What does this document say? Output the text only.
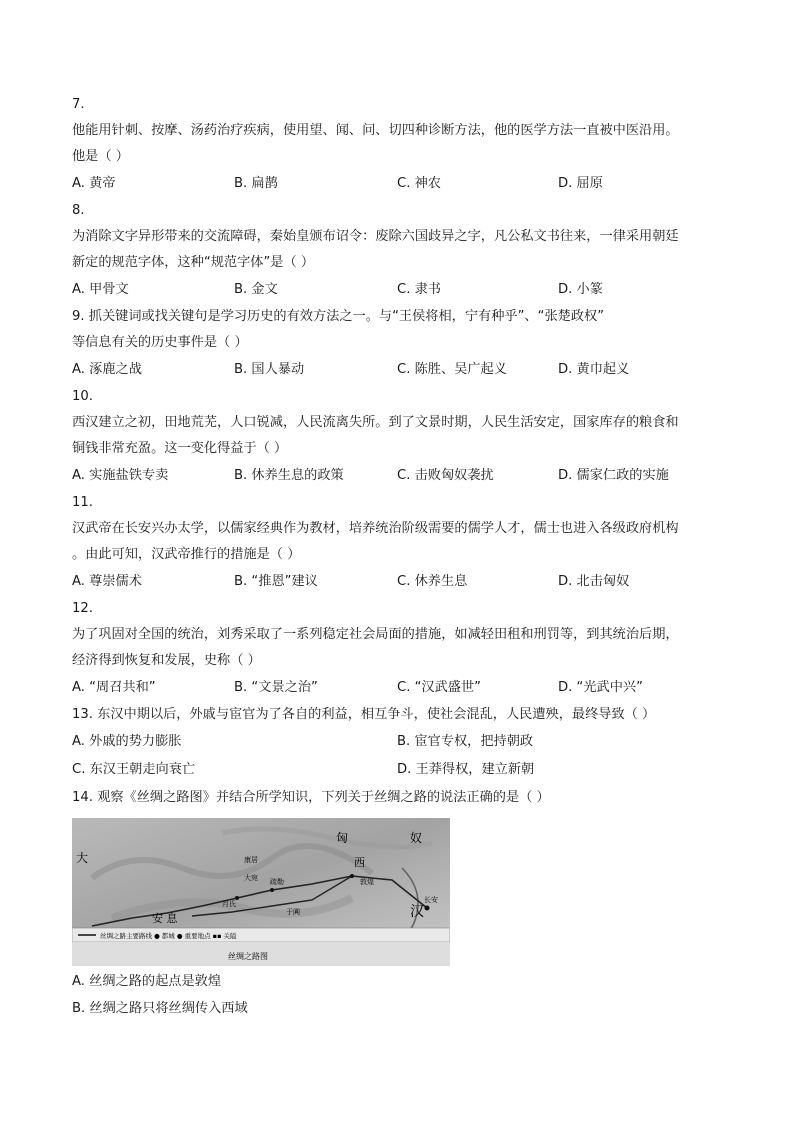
7.
他能用针刺、按摩、汤药治疗疾病，使用望、闻、问、切四种诊断方法，他的医学方法一直被中医沿用。
他是（ ）
A. 黄帝	B. 扁鹊	C. 神农	D. 屈原
8.
为消除文字异形带来的交流障碍，秦始皇颁布诏令：废除六国歧异之字，凡公私文书往来，一律采用朝廷
新定的规范字体，这种“规范字体”是（ ）
A. 甲骨文	B. 金文	C. 隶书	D. 小篆
9. 抓关键词或找关键句是学习历史的有效方法之一。与“王侯将相，宁有种乎”、“张楚政权”
等信息有关的历史事件是（ ）
A. 涿鹿之战	B. 国人暴动	C. 陈胜、吴广起义	D. 黄巾起义
10.
西汉建立之初，田地荒芜，人口锐减，人民流离失所。到了文景时期，人民生活安定，国家库存的粮食和
铜钱非常充盈。这一变化得益于（ ）
A. 实施盐铁专卖	B. 休养生息的政策	C. 击败匈奴袭扰	D. 儒家仁政的实施
11.
汉武帝在长安兴办太学，以儒家经典作为教材，培养统治阶级需要的儒学人才，儒士也进入各级政府机构
。由此可知，汉武帝推行的措施是（ ）
A. 尊崇儒术	B. “推恩”建议	C. 休养生息	D. 北击匈奴
12.
为了巩固对全国的统治，刘秀采取了一系列稳定社会局面的措施，如减轻田租和刑罚等，到其统治后期，
经济得到恢复和发展，史称（ ）
A. “周召共和”	B. “文景之治”	C. “汉武盛世”	D. “光武中兴”
13. 东汉中期以后，外戚与宦官为了各自的利益，相互争斗，使社会混乱，人民遭殃，最终导致（ ）
A. 外戚的势力膨胀	B. 宦官专权，把持朝政
C. 东汉王朝走向衰亡	D. 王莽得权，建立新朝
14. 观察《丝绸之路图》并结合所学知识，下列关于丝绸之路的说法正确的是（ ）
匈	奴
西
汉
安 息
大
月氏
康居
大宛 疏勒	敦煌
长安
于阗
丝绸之路主要路线 ● 都城 ● 重要地点 ▪▪ 关隘
丝绸之路图
A. 丝绸之路的起点是敦煌
B. 丝绸之路只将丝绸传入西域
